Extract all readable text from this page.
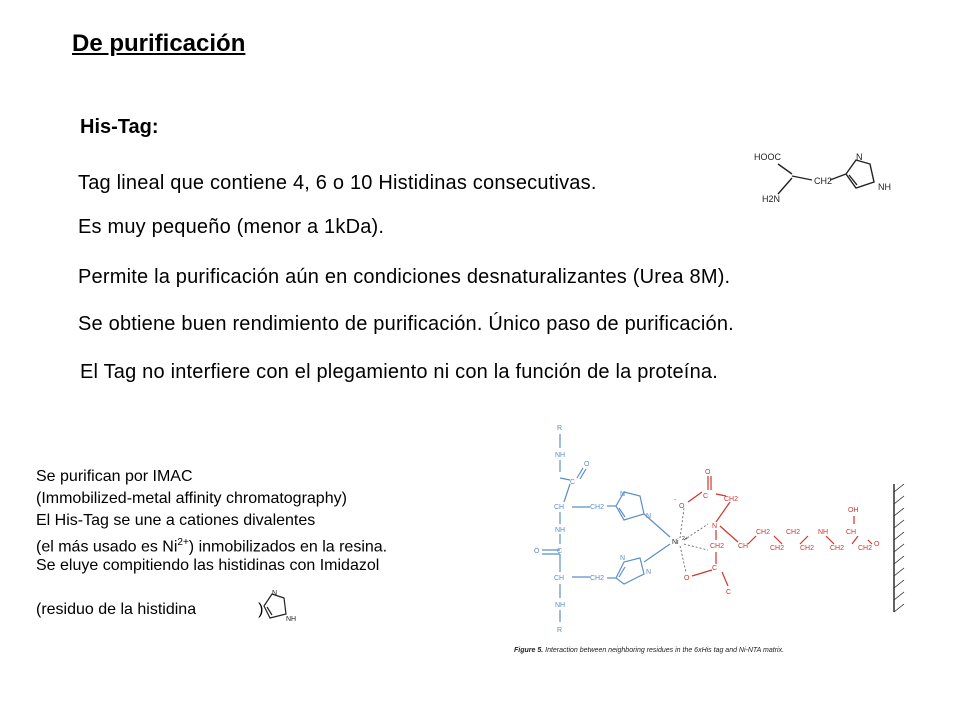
De purificación
His-Tag:
Tag lineal que contiene 4, 6 o 10 Histidinas consecutivas.
Es muy pequeño (menor a 1kDa).
Permite la purificación aún en condiciones desnaturalizantes (Urea 8M).
Se obtiene buen rendimiento de purificación. Único paso de purificación.
El Tag no interfiere con el plegamiento ni con la función de la proteína.
HOOC
H2N
CH2
N
NH
Se purifican por IMAC
(Immobilized-metal affinity chromatography)
El His-Tag se une a cationes divalentes
(el más usado es $Ni^{2+}$) inmobilizados en la resina.
Se eluye compitiendo las histidinas con Imidazol
(residuo de la histidina	)
N
NH
R
NH
C
O
CH	CH2
N
N
NH
O	C
CH	CH2
N
N
NH
R
Ni 2+
O
-
C
O
CH2
N
CH2 CH
C
O
C
CH2
CH2
CH2
CH2
NH
CH2
CH
OH
CH2
O
Figure 5. Interaction between neighboring residues in the 6xHis tag and Ni-NTA matrix.
